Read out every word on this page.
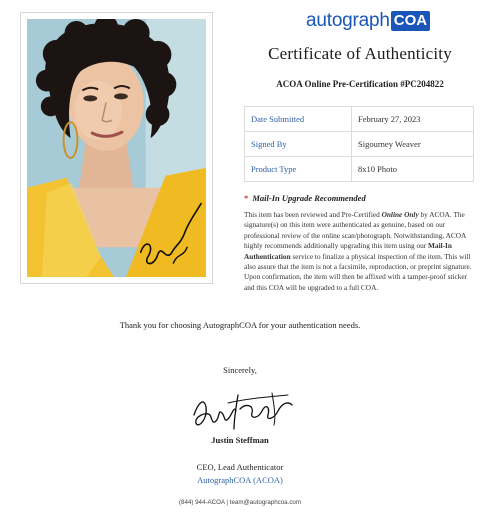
autograph COA
Certificate of Authenticity
ACOA Online Pre-Certification #PC204822
Date Submitted	February 27, 2023
Signed By	Sigourney Weaver
Product Type	8x10 Photo
* Mail-In Upgrade Recommended
This item has been reviewed and Pre-Certified Online Only by ACOA. The signature(s) on this item were authenticated as genuine, based on our professional review of the online scan/photograph. Notwithstanding, ACOA highly recommends additionally upgrading this item using our Mail-In Authentication service to finalize a physical inspection of the item. This will also assure that the item is not a facsimile, reproduction, or preprint signature. Upon confirmation, the item will then be affixed with a tamper-proof sticker and this COA will be upgraded to a full COA.
Thank you for choosing AutographCOA for your authentication needs.
Sincerely,
Justin Steffman
CEO, Lead Authenticator
AutographCOA (ACOA)
(844) 944-ACOA | team@autographcoa.com
